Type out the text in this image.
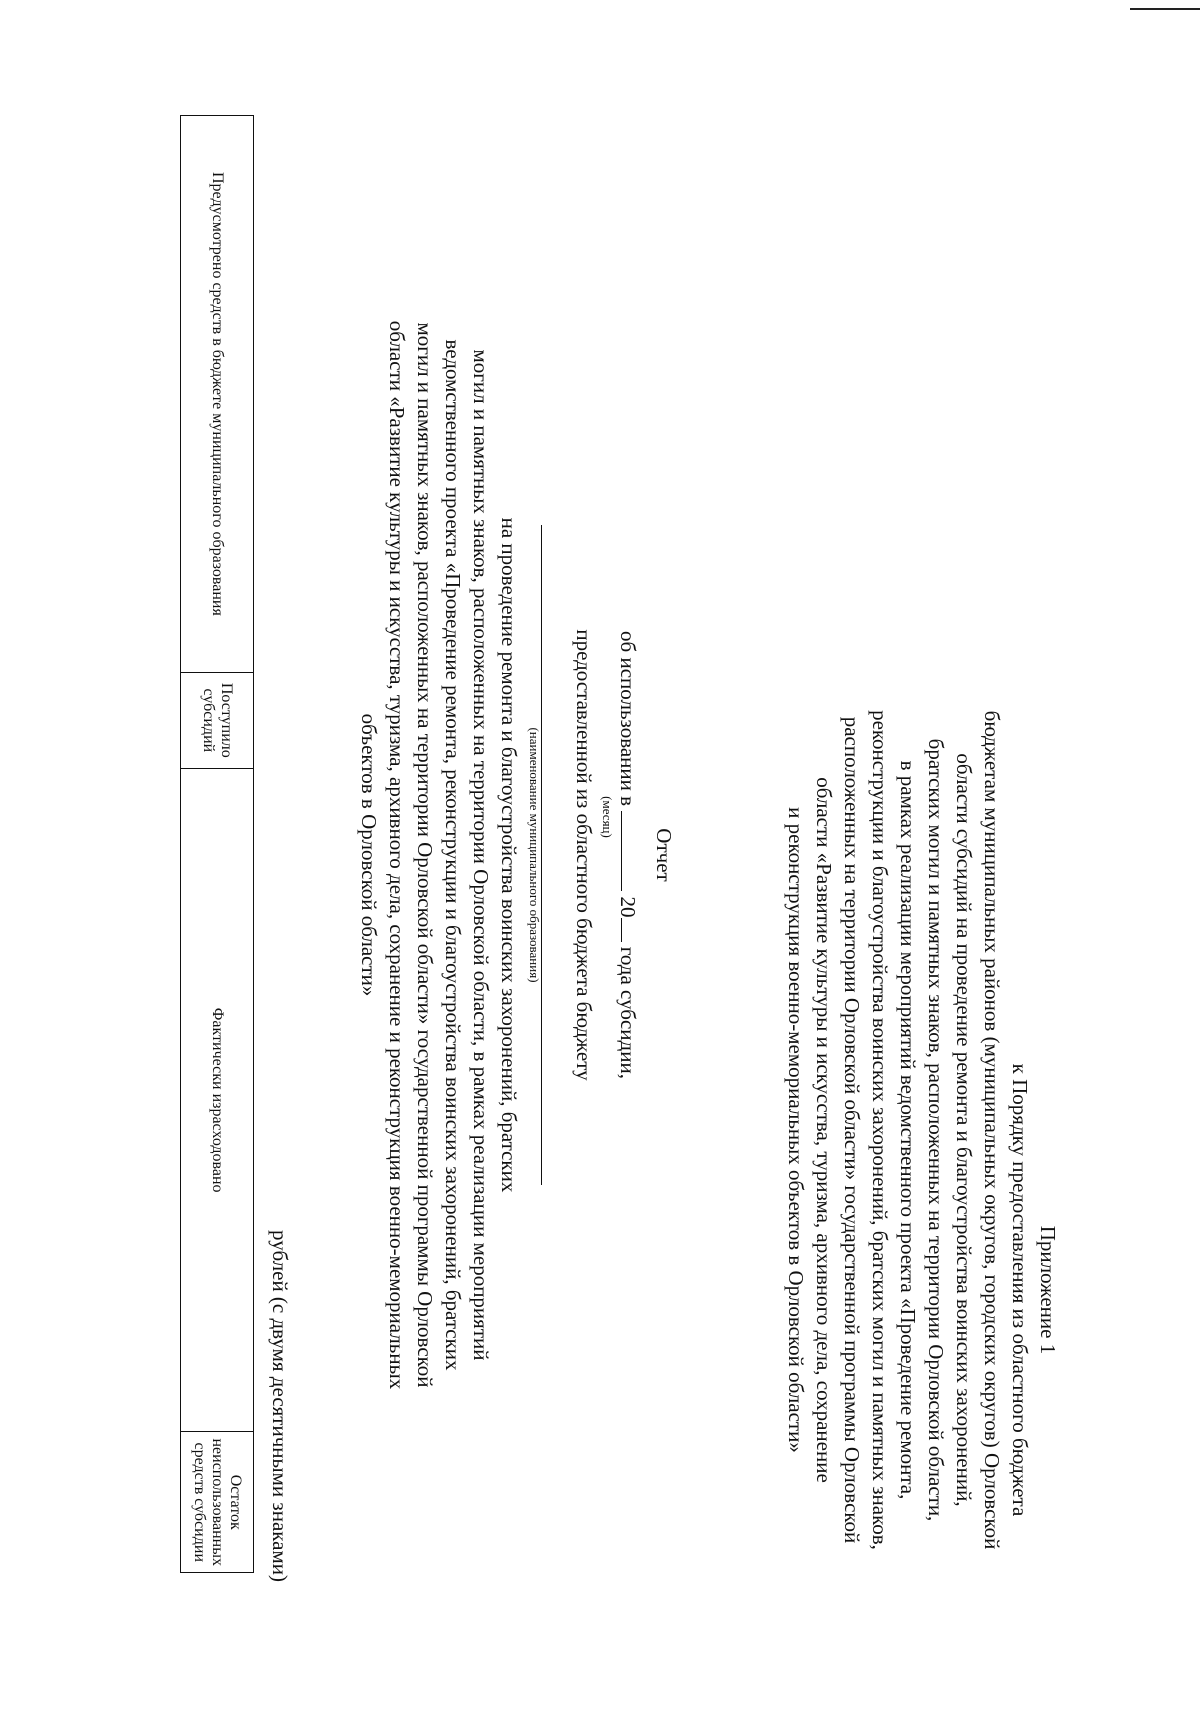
Приложение 1
к Порядку предоставления из областного бюджета
бюджетам муниципальных районов (муниципальных округов, городских округов) Орловской
области субсидий на проведение ремонта и благоустройства воинских захоронений,
братских могил и памятных знаков, расположенных на территории Орловской области,
в рамках реализации мероприятий ведомственного проекта «Проведение ремонта,
реконструкции и благоустройства воинских захоронений, братских могил и памятных знаков,
расположенных на территории Орловской области» государственной программы Орловской
области «Развитие культуры и искусства, туризма, архивного дела, сохранение
и реконструкция военно-мемориальных объектов в Орловской области»
Отчет
об использовании в  20 года субсидии,
(месяц)
предоставленной из областного бюджета бюджету
(наименование муниципального образования)
на проведение ремонта и благоустройства воинских захоронений, братских
могил и памятных знаков, расположенных на территории Орловской области, в рамках реализации мероприятий
ведомственного проекта «Проведение ремонта, реконструкции и благоустройства воинских захоронений, братских
могил и памятных знаков, расположенных на территории Орловской области» государственной программы Орловской
области «Развитие культуры и искусства, туризма, архивного дела, сохранение и реконструкция военно-мемориальных
объектов в Орловской области»
рублей (с двумя десятичными знаками)
Предусмотрено средств в бюджете муниципального образования	Поступило субсидий	Фактически израсходовано	Остаток неиспользованных средств субсидии
